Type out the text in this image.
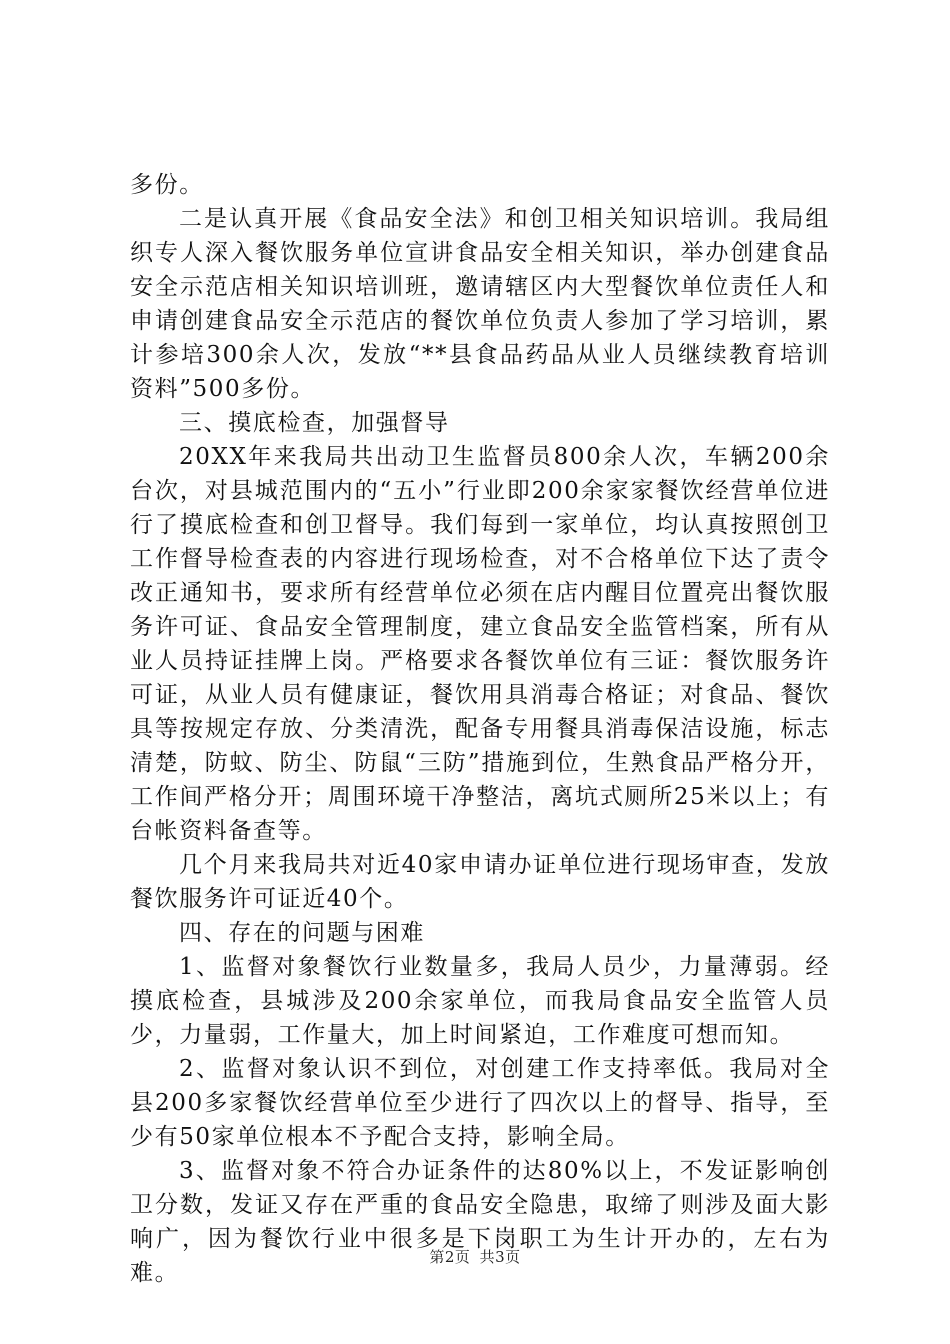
多份。

二是认真开展《食品安全法》和创卫相关知识培训。我局组织专人深入餐饮服务单位宣讲食品安全相关知识，举办创建食品安全示范店相关知识培训班，邀请辖区内大型餐饮单位责任人和申请创建食品安全示范店的餐饮单位负责人参加了学习培训，累计参培300余人次，发放“**县食品药品从业人员继续教育培训资料”500多份。

三、摸底检查，加强督导

20XX年来我局共出动卫生监督员800余人次，车辆200余台次，对县城范围内的“五小”行业即200余家家餐饮经营单位进行了摸底检查和创卫督导。我们每到一家单位，均认真按照创卫工作督导检查表的内容进行现场检查，对不合格单位下达了责令改正通知书，要求所有经营单位必须在店内醒目位置亮出餐饮服务许可证、食品安全管理制度，建立食品安全监管档案，所有从业人员持证挂牌上岗。严格要求各餐饮单位有三证：餐饮服务许可证，从业人员有健康证，餐饮用具消毒合格证；对食品、餐饮具等按规定存放、分类清洗，配备专用餐具消毒保洁设施，标志清楚，防蚊、防尘、防鼠“三防”措施到位，生熟食品严格分开，工作间严格分开；周围环境干净整洁，离坑式厕所25米以上；有台帐资料备查等。

几个月来我局共对近40家申请办证单位进行现场审查，发放餐饮服务许可证近40个。

四、存在的问题与困难

1、监督对象餐饮行业数量多，我局人员少，力量薄弱。经摸底检查，县城涉及200余家单位，而我局食品安全监管人员少，力量弱，工作量大，加上时间紧迫，工作难度可想而知。

2、监督对象认识不到位，对创建工作支持率低。我局对全县200多家餐饮经营单位至少进行了四次以上的督导、指导，至少有50家单位根本不予配合支持，影响全局。

3、监督对象不符合办证条件的达80%以上，不发证影响创卫分数，发证又存在严重的食品安全隐患，取缔了则涉及面大影响广，因为餐饮行业中很多是下岗职工为生计开办的，左右为难。

第2页 共3页
